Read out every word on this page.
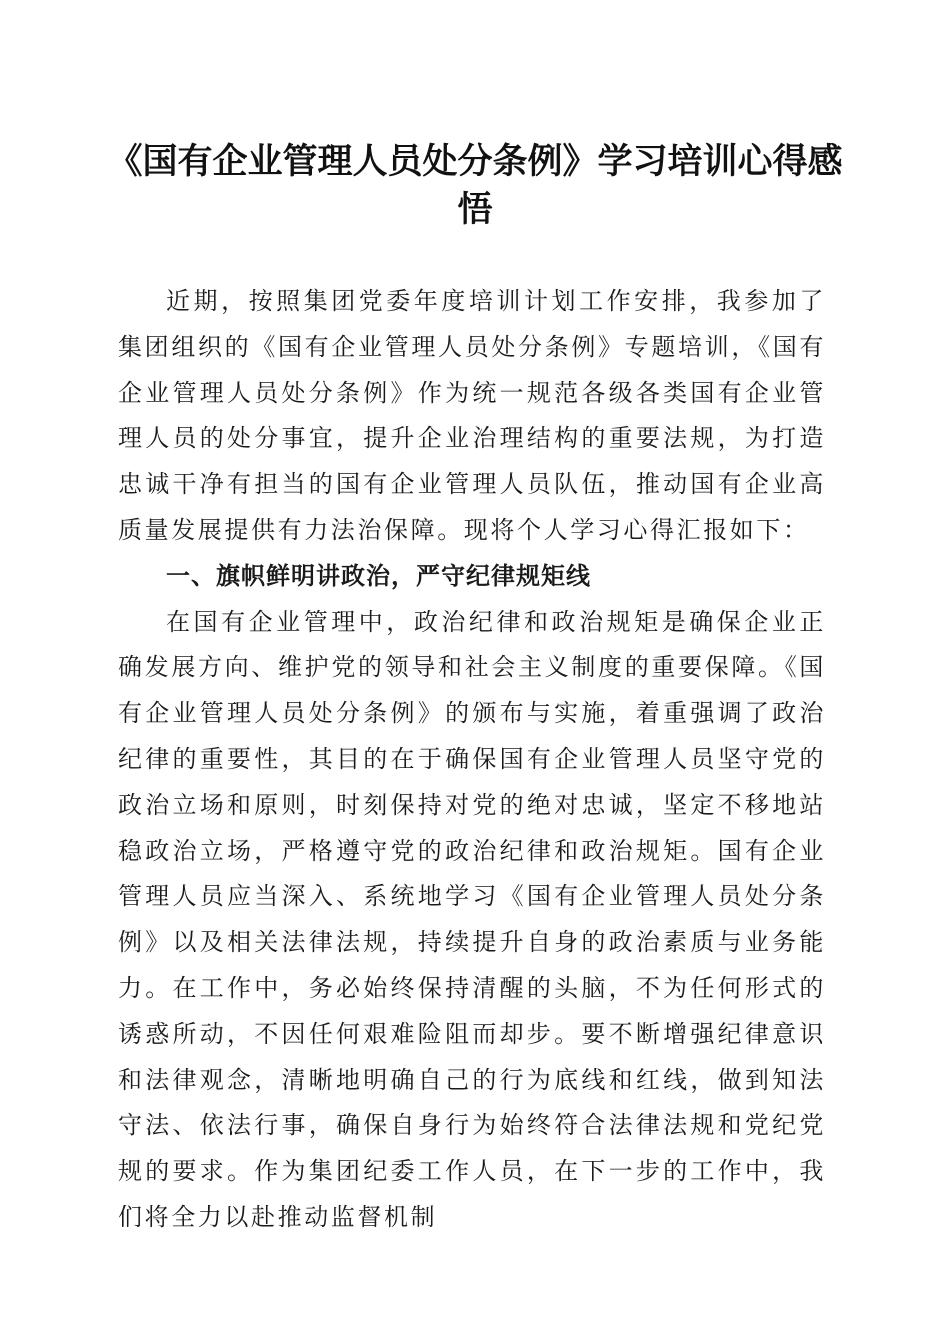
《国有企业管理人员处分条例》学习培训心得感悟

近期，按照集团党委年度培训计划工作安排，我参加了集团组织的《国有企业管理人员处分条例》专题培训，《国有企业管理人员处分条例》作为统一规范各级各类国有企业管理人员的处分事宜，提升企业治理结构的重要法规，为打造忠诚干净有担当的国有企业管理人员队伍，推动国有企业高质量发展提供有力法治保障。现将个人学习心得汇报如下：

一、旗帜鲜明讲政治，严守纪律规矩线

在国有企业管理中，政治纪律和政治规矩是确保企业正确发展方向、维护党的领导和社会主义制度的重要保障。《国有企业管理人员处分条例》的颁布与实施，着重强调了政治纪律的重要性，其目的在于确保国有企业管理人员坚守党的政治立场和原则，时刻保持对党的绝对忠诚，坚定不移地站稳政治立场，严格遵守党的政治纪律和政治规矩。国有企业管理人员应当深入、系统地学习《国有企业管理人员处分条例》以及相关法律法规，持续提升自身的政治素质与业务能力。在工作中，务必始终保持清醒的头脑，不为任何形式的诱惑所动，不因任何艰难险阻而却步。要不断增强纪律意识和法律观念，清晰地明确自己的行为底线和红线，做到知法守法、依法行事，确保自身行为始终符合法律法规和党纪党规的要求。作为集团纪委工作人员，在下一步的工作中，我们将全力以赴推动监督机制
